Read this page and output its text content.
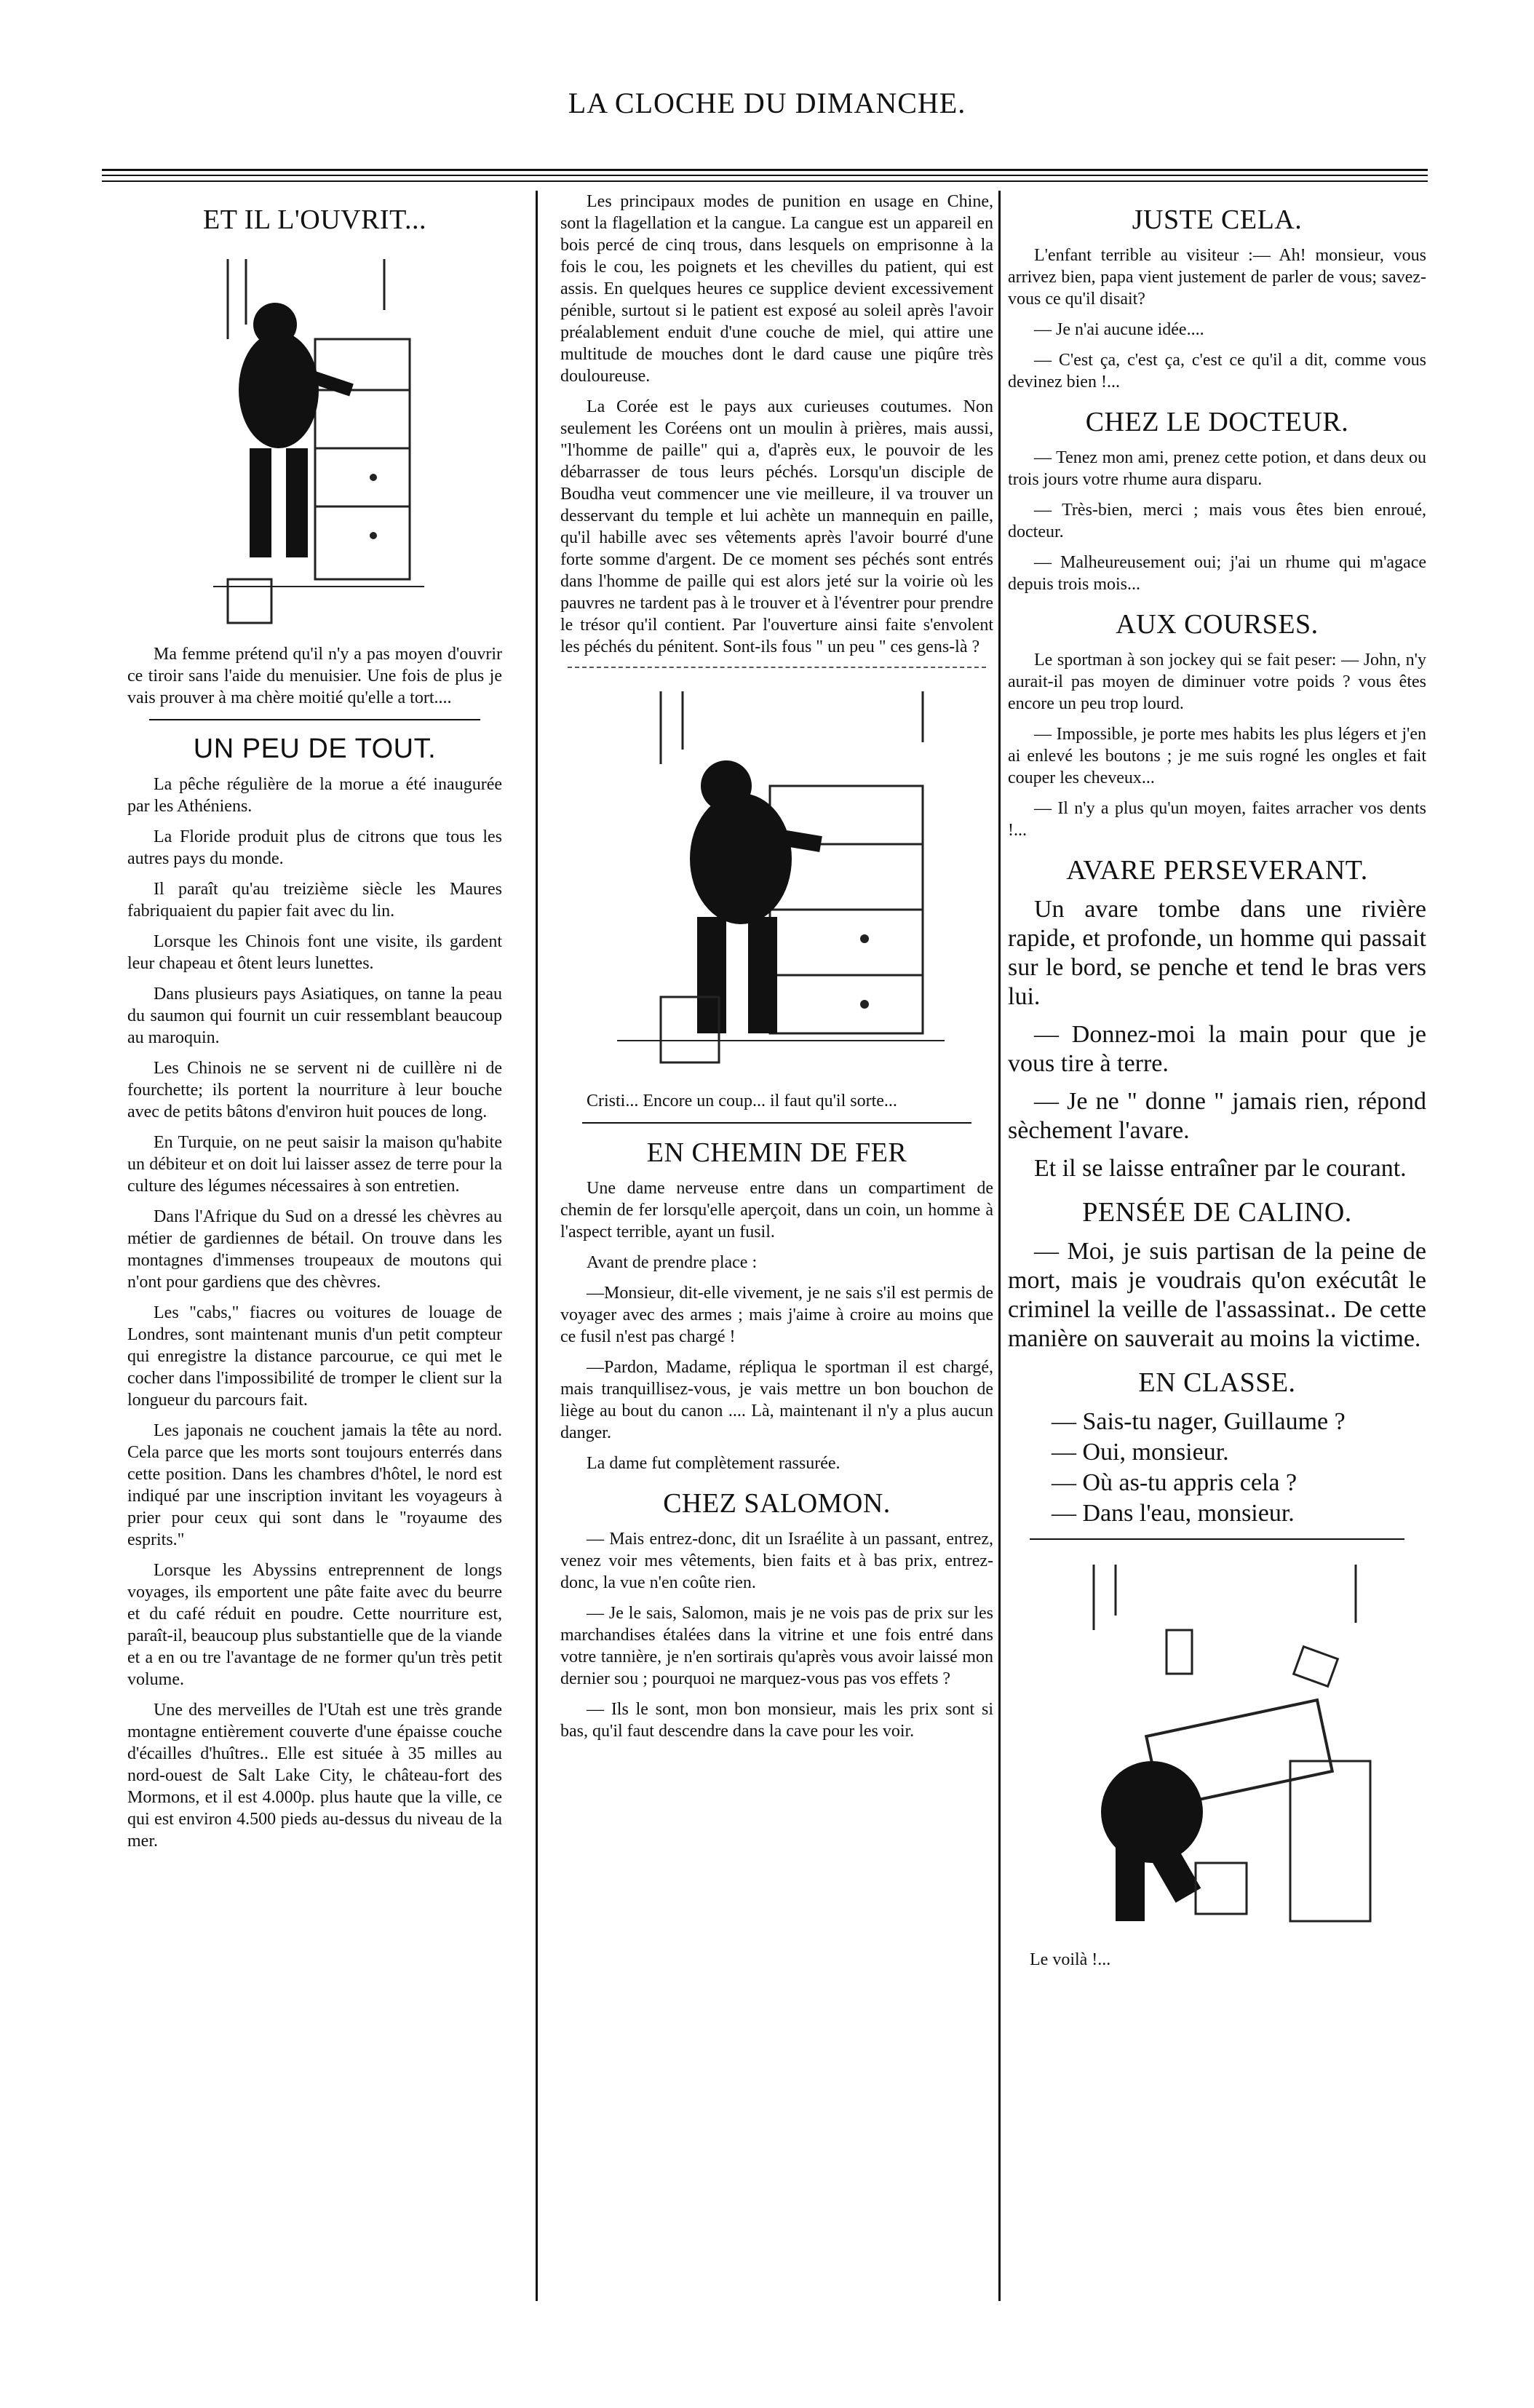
LA CLOCHE DU DIMANCHE.
ET IL L'OUVRIT...

Ma femme prétend qu'il n'y a pas moyen d'ouvrir ce tiroir sans l'aide du menuisier. Une fois de plus je vais prouver à ma chère moitié qu'elle a tort....

UN PEU DE TOUT.

La pêche régulière de la morue a été inaugurée par les Athéniens.

La Floride produit plus de citrons que tous les autres pays du monde.

Il paraît qu'au treizième siècle les Maures fabriquaient du papier fait avec du lin.

Lorsque les Chinois font une visite, ils gardent leur chapeau et ôtent leurs lunettes.

Dans plusieurs pays Asiatiques, on tanne la peau du saumon qui fournit un cuir ressemblant beaucoup au maroquin.

Les Chinois ne se servent ni de cuillère ni de fourchette; ils portent la nourriture à leur bouche avec de petits bâtons d'environ huit pouces de long.

En Turquie, on ne peut saisir la maison qu'habite un débiteur et on doit lui laisser assez de terre pour la culture des légumes nécessaires à son entretien.

Dans l'Afrique du Sud on a dressé les chèvres au métier de gardiennes de bétail. On trouve dans les montagnes d'immenses troupeaux de moutons qui n'ont pour gardiens que des chèvres.

Les "cabs," fiacres ou voitures de louage de Londres, sont maintenant munis d'un petit compteur qui enregistre la distance parcourue, ce qui met le cocher dans l'impossibilité de tromper le client sur la longueur du parcours fait.

Les japonais ne couchent jamais la tête au nord. Cela parce que les morts sont toujours enterrés dans cette position. Dans les chambres d'hôtel, le nord est indiqué par une inscription invitant les voyageurs à prier pour ceux qui sont dans le "royaume des esprits."

Lorsque les Abyssins entreprennent de longs voyages, ils emportent une pâte faite avec du beurre et du café réduit en poudre. Cette nourriture est, paraît-il, beaucoup plus substantielle que de la viande et a en ou tre l'avantage de ne former qu'un très petit volume.

Une des merveilles de l'Utah est une très grande montagne entièrement couverte d'une épaisse couche d'écailles d'huîtres.. Elle est située à 35 milles au nord-ouest de Salt Lake City, le château-fort des Mormons, et il est 4.000p. plus haute que la ville, ce qui est environ 4.500 pieds au-dessus du niveau de la mer.

Les principaux modes de punition en usage en Chine, sont la flagellation et la cangue. La cangue est un appareil en bois percé de cinq trous, dans lesquels on emprisonne à la fois le cou, les poignets et les chevilles du patient, qui est assis. En quelques heures ce supplice devient excessivement pénible, surtout si le patient est exposé au soleil après l'avoir préalablement enduit d'une couche de miel, qui attire une multitude de mouches dont le dard cause une piqûre très douloureuse.

La Corée est le pays aux curieuses coutumes. Non seulement les Coréens ont un moulin à prières, mais aussi, "l'homme de paille" qui a, d'après eux, le pouvoir de les débarrasser de tous leurs péchés. Lorsqu'un disciple de Boudha veut commencer une vie meilleure, il va trouver un desservant du temple et lui achète un mannequin en paille, qu'il habille avec ses vêtements après l'avoir bourré d'une forte somme d'argent. De ce moment ses péchés sont entrés dans l'homme de paille qui est alors jeté sur la voirie où les pauvres ne tardent pas à le trouver et à l'éventrer pour prendre le trésor qu'il contient. Par l'ouverture ainsi faite s'envolent les péchés du pénitent. Sont-ils fous " un peu " ces gens-là ?

Cristi... Encore un coup... il faut qu'il sorte...

EN CHEMIN DE FER

Une dame nerveuse entre dans un compartiment de chemin de fer lorsqu'elle aperçoit, dans un coin, un homme à l'aspect terrible, ayant un fusil.

Avant de prendre place :

—Monsieur, dit-elle vivement, je ne sais s'il est permis de voyager avec des armes ; mais j'aime à croire au moins que ce fusil n'est pas chargé !

—Pardon, Madame, répliqua le sportman il est chargé, mais tranquillisez-vous, je vais mettre un bon bouchon de liège au bout du canon .... Là, maintenant il n'y a plus aucun danger.

La dame fut complètement rassurée.

CHEZ SALOMON.

— Mais entrez-donc, dit un Israélite à un passant, entrez, venez voir mes vêtements, bien faits et à bas prix, entrez-donc, la vue n'en coûte rien.

— Je le sais, Salomon, mais je ne vois pas de prix sur les marchandises étalées dans la vitrine et une fois entré dans votre tannière, je n'en sortirais qu'après vous avoir laissé mon dernier sou ; pourquoi ne marquez-vous pas vos effets ?

— Ils le sont, mon bon monsieur, mais les prix sont si bas, qu'il faut descendre dans la cave pour les voir.

JUSTE CELA.

L'enfant terrible au visiteur :— Ah! monsieur, vous arrivez bien, papa vient justement de parler de vous; savez-vous ce qu'il disait?

— Je n'ai aucune idée....

— C'est ça, c'est ça, c'est ce qu'il a dit, comme vous devinez bien !...

CHEZ LE DOCTEUR.

— Tenez mon ami, prenez cette potion, et dans deux ou trois jours votre rhume aura disparu.

— Très-bien, merci ; mais vous êtes bien enroué, docteur.

— Malheureusement oui; j'ai un rhume qui m'agace depuis trois mois...

AUX COURSES.

Le sportman à son jockey qui se fait peser: — John, n'y aurait-il pas moyen de diminuer votre poids ? vous êtes encore un peu trop lourd.

— Impossible, je porte mes habits les plus légers et j'en ai enlevé les boutons ; je me suis rogné les ongles et fait couper les cheveux...

— Il n'y a plus qu'un moyen, faites arracher vos dents !...

AVARE PERSEVERANT.

Un avare tombe dans une rivière rapide, et profonde, un homme qui passait sur le bord, se penche et tend le bras vers lui.

— Donnez-moi la main pour que je vous tire à terre.

— Je ne " donne " jamais rien, répond sèchement l'avare.

Et il se laisse entraîner par le courant.

PENSÉE DE CALINO.

— Moi, je suis partisan de la peine de mort, mais je voudrais qu'on exécutât le criminel la veille de l'assassinat.. De cette manière on sauverait au moins la victime.

EN CLASSE.

— Sais-tu nager, Guillaume ?

— Oui, monsieur.

— Où as-tu appris cela ?

— Dans l'eau, monsieur.

Le voilà !...
